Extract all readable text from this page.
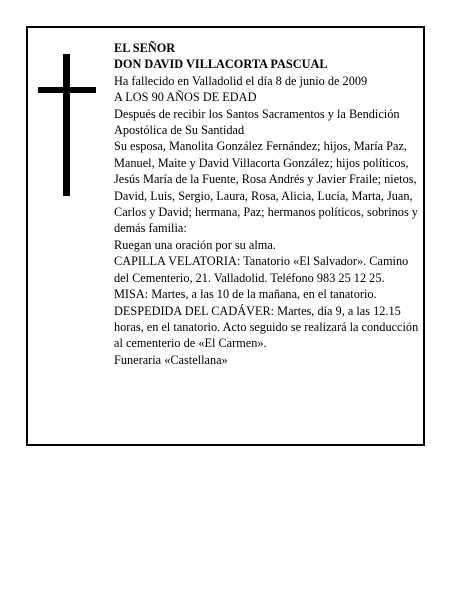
EL SEÑOR

DON DAVID VILLACORTA PASCUAL

Ha fallecido en Valladolid el día 8 de junio de 2009

A LOS 90 AÑOS DE EDAD

Después de recibir los Santos Sacramentos y la Bendición Apostólica de Su Santidad

Su esposa, Manolita González Fernández; hijos, María Paz, Manuel, Maite y David Villacorta González; hijos políticos, Jesús María de la Fuente, Rosa Andrés y Javier Fraile; nietos, David, Luis, Sergio, Laura, Rosa, Alicia, Lucía, Marta, Juan, Carlos y David; hermana, Paz; hermanos políticos, sobrinos y demás familia:

Ruegan una oración por su alma.

CAPILLA VELATORIA: Tanatorio «El Salvador». Camino del Cementerio, 21. Valladolid. Teléfono 983 25 12 25.

MISA: Martes, a las 10 de la mañana, en el tanatorio.

DESPEDIDA DEL CADÁVER: Martes, día 9, a las 12.15 horas, en el tanatorio. Acto seguido se realizará la conducción al cementerio de «El Carmen».

Funeraria «Castellana»
